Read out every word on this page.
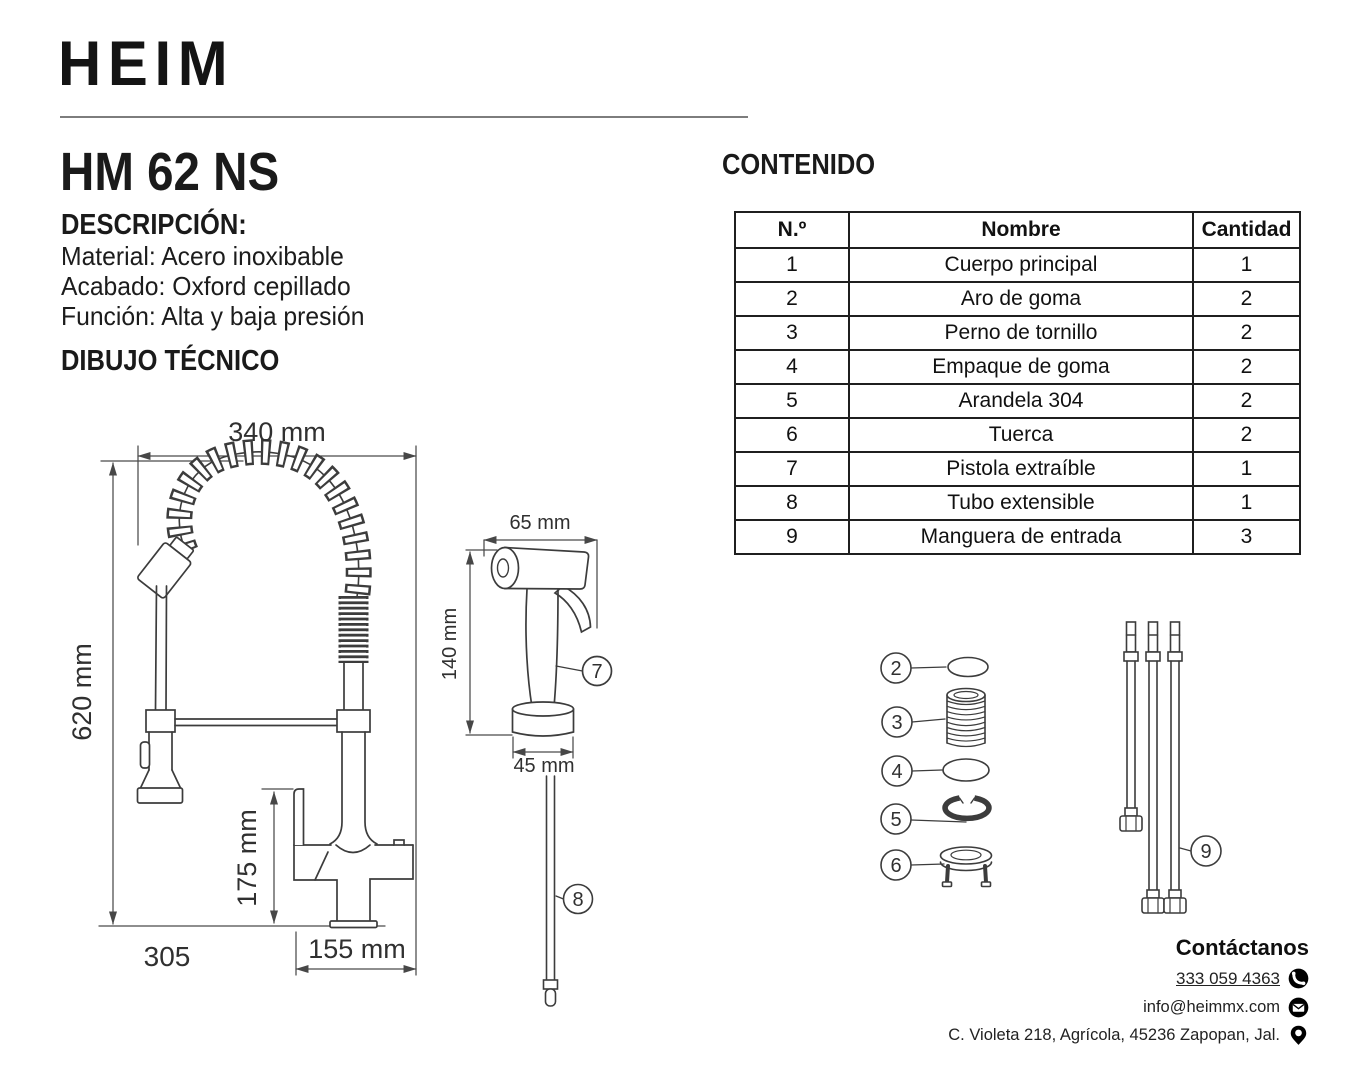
HEIM
HM 62 NS
DESCRIPCIÓN:
Material: Acero inoxibable
Acabado: Oxford cepillado
Función: Alta y baja presión
DIBUJO TÉCNICO
CONTENIDO
N.º	Nombre	Cantidad
1	Cuerpo principal	1
2	Aro de goma	2
3	Perno de tornillo	2
4	Empaque de goma	2
5	Arandela 304	2
6	Tuerca	2
7	Pistola extraíble	1
8	Tubo extensible	1
9	Manguera de entrada	3
340 mm
620 mm
175 mm
305	155 mm
7
65 mm
140 mm
45 mm
8
2
3
4
5
6
9
Contáctanos
333 059 4363
info@heimmx.com
C. Violeta 218, Agrícola, 45236 Zapopan, Jal.
